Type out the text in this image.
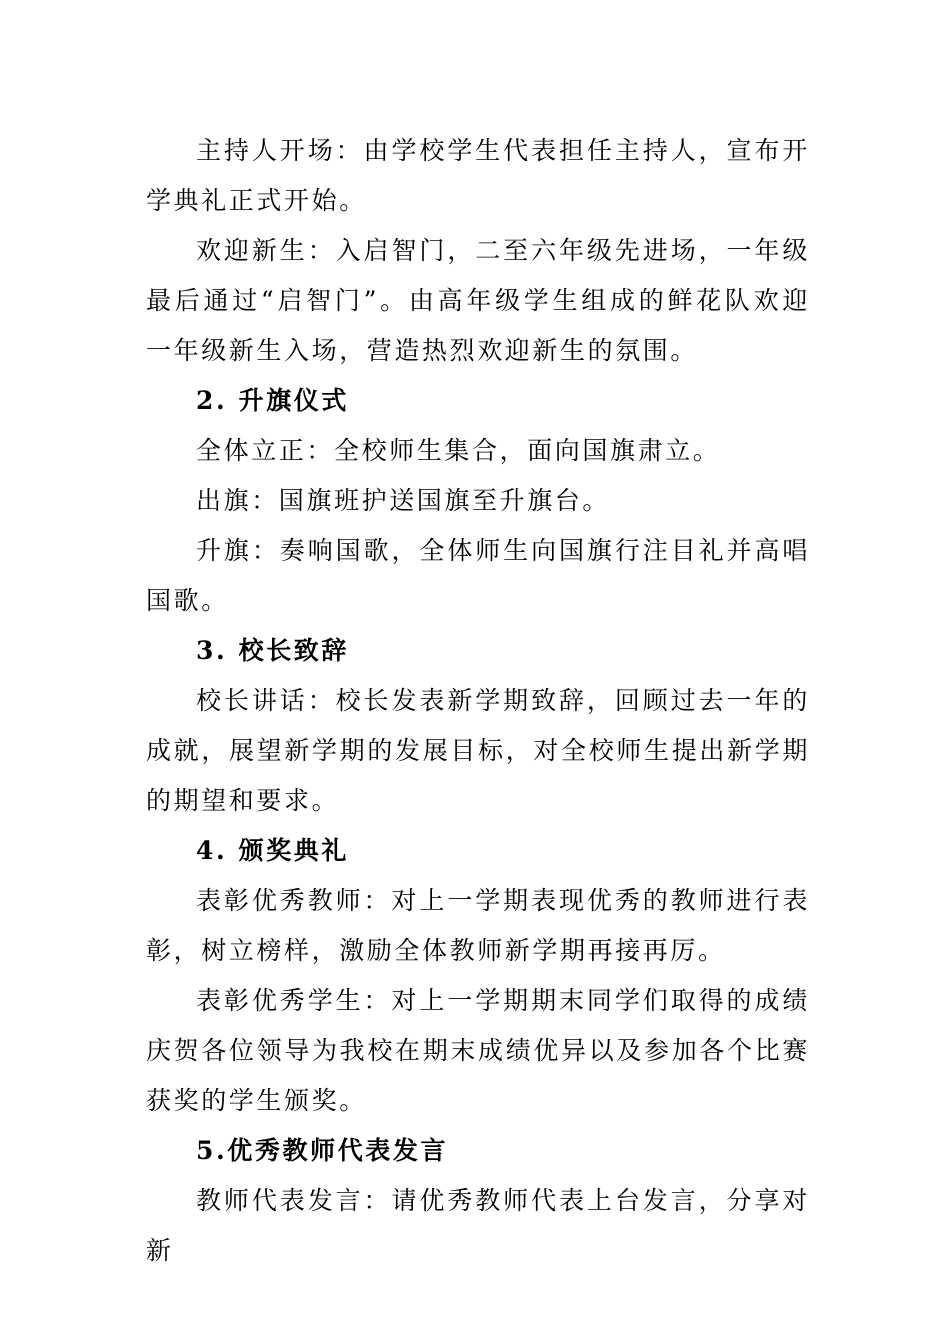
主持人开场：由学校学生代表担任主持人，宣布开学典礼正式开始。

欢迎新生：入启智门，二至六年级先进场，一年级最后通过“启智门”。由高年级学生组成的鲜花队欢迎一年级新生入场，营造热烈欢迎新生的氛围。

2. 升旗仪式

全体立正：全校师生集合，面向国旗肃立。

出旗：国旗班护送国旗至升旗台。

升旗：奏响国歌，全体师生向国旗行注目礼并高唱国歌。

3. 校长致辞

校长讲话：校长发表新学期致辞，回顾过去一年的成就，展望新学期的发展目标，对全校师生提出新学期的期望和要求。

4. 颁奖典礼

表彰优秀教师：对上一学期表现优秀的教师进行表彰，树立榜样，激励全体教师新学期再接再厉。

表彰优秀学生：对上一学期期末同学们取得的成绩庆贺各位领导为我校在期末成绩优异以及参加各个比赛获奖的学生颁奖。

5.优秀教师代表发言

教师代表发言：请优秀教师代表上台发言，分享对新
